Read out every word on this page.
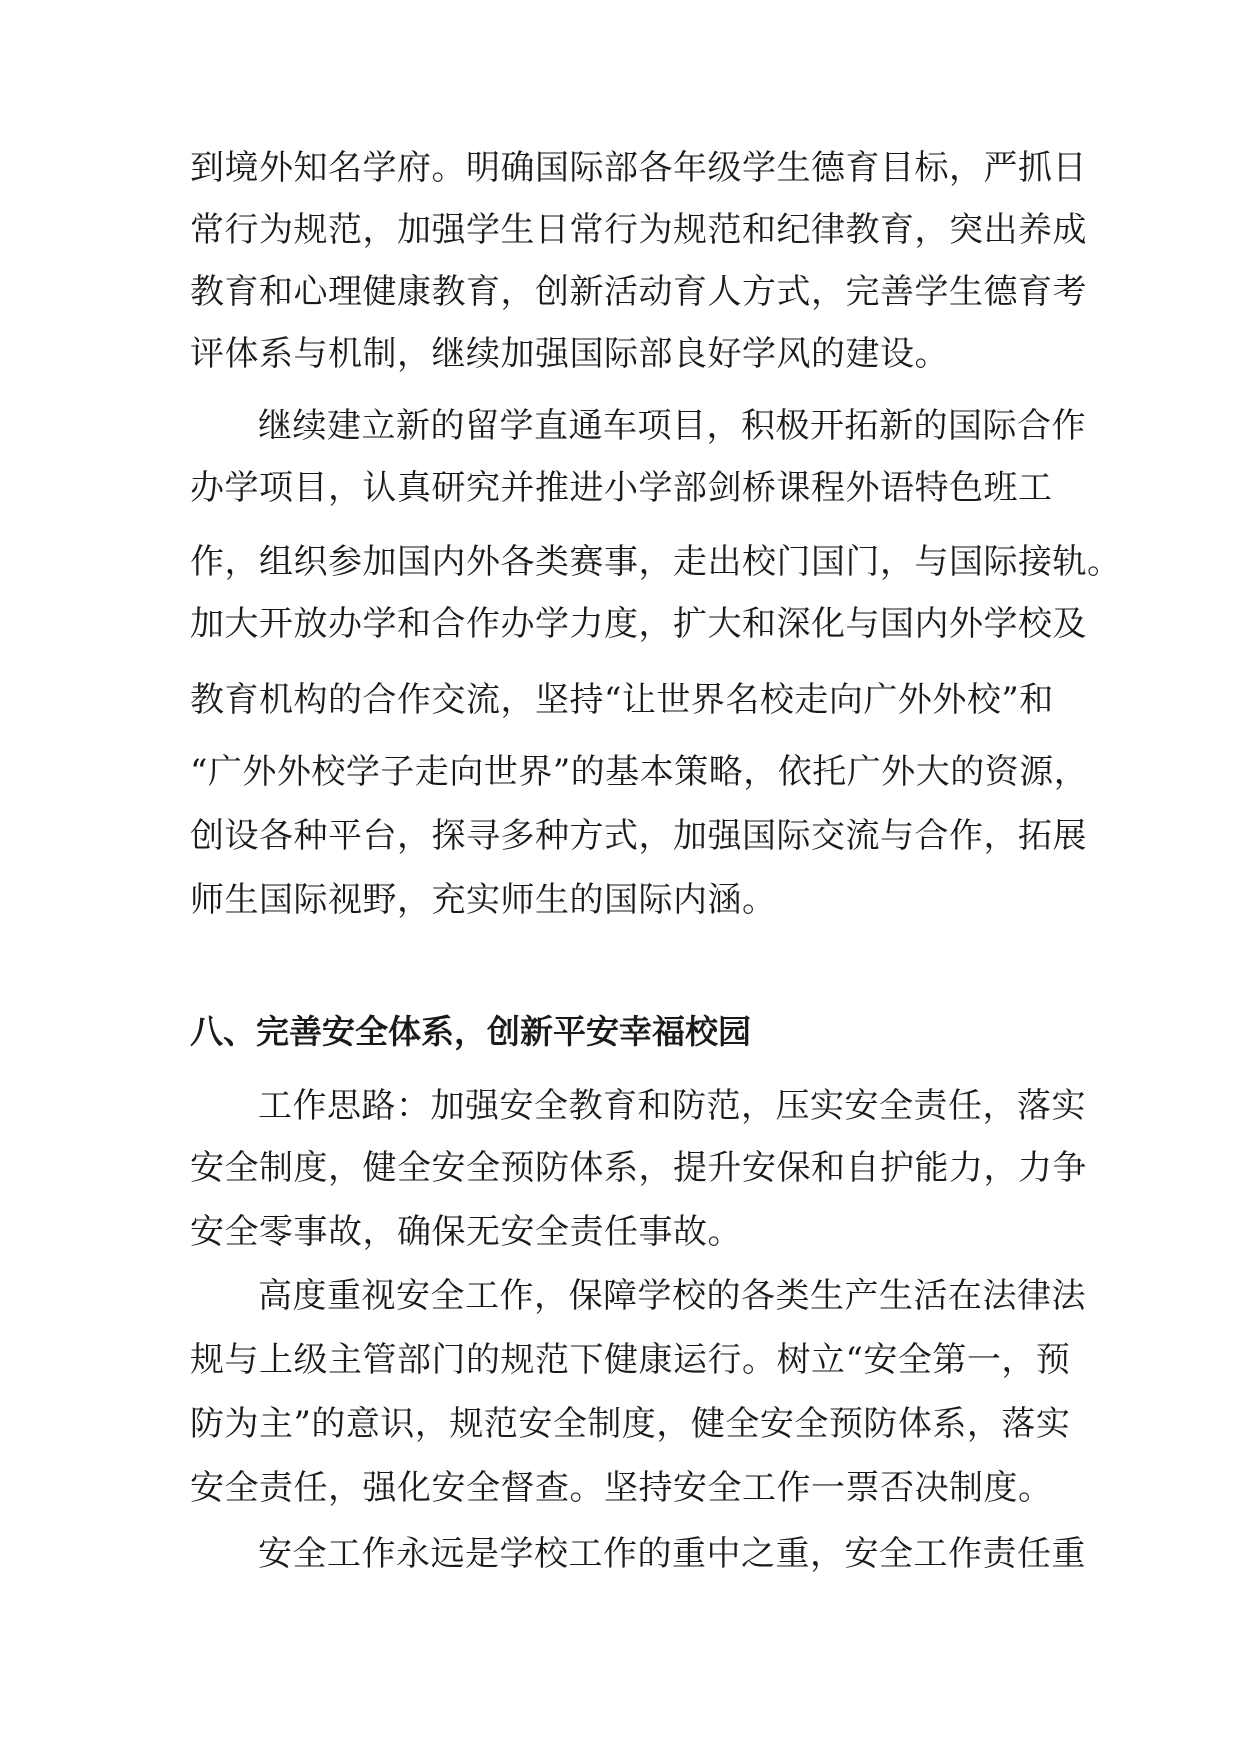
到境外知名学府。明确国际部各年级学生德育目标，严抓日

常行为规范，加强学生日常行为规范和纪律教育，突出养成

教育和心理健康教育，创新活动育人方式，完善学生德育考

评体系与机制，继续加强国际部良好学风的建设。

继续建立新的留学直通车项目，积极开拓新的国际合作

办学项目，认真研究并推进小学部剑桥课程外语特色班工

作，组织参加国内外各类赛事，走出校门国门，与国际接轨。

加大开放办学和合作办学力度，扩大和深化与国内外学校及

教育机构的合作交流，坚持“让世界名校走向广外外校”和

“广外外校学子走向世界”的基本策略，依托广外大的资源，

创设各种平台，探寻多种方式，加强国际交流与合作，拓展

师生国际视野，充实师生的国际内涵。

八、完善安全体系，创新平安幸福校园

工作思路：加强安全教育和防范，压实安全责任，落实

安全制度，健全安全预防体系，提升安保和自护能力，力争

安全零事故，确保无安全责任事故。

高度重视安全工作，保障学校的各类生产生活在法律法

规与上级主管部门的规范下健康运行。树立“安全第一，预

防为主”的意识，规范安全制度，健全安全预防体系，落实

安全责任，强化安全督查。坚持安全工作一票否决制度。

安全工作永远是学校工作的重中之重，安全工作责任重
